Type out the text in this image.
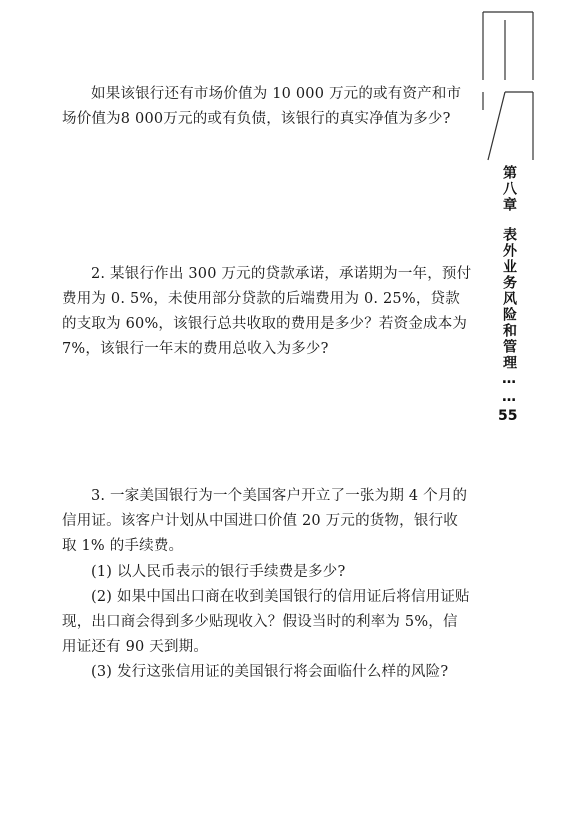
如果该银行还有市场价值为 10 000 万元的或有资产和市场价值为8 000万元的或有负债，该银行的真实净值为多少?

2. 某银行作出 300 万元的贷款承诺，承诺期为一年，预付费用为 0. 5%，未使用部分贷款的后端费用为 0. 25%，贷款的支取为 60%，该银行总共收取的费用是多少？若资金成本为 7%，该银行一年末的费用总收入为多少?

3. 一家美国银行为一个美国客户开立了一张为期 4 个月的信用证。该客户计划从中国进口价值 20 万元的货物，银行收取 1% 的手续费。

(1) 以人民币表示的银行手续费是多少?

(2) 如果中国出口商在收到美国银行的信用证后将信用证贴现，出口商会得到多少贴现收入？假设当时的利率为 5%，信用证还有 90 天到期。

(3) 发行这张信用证的美国银行将会面临什么样的风险?

第八章表外业务风险和管理……
55
